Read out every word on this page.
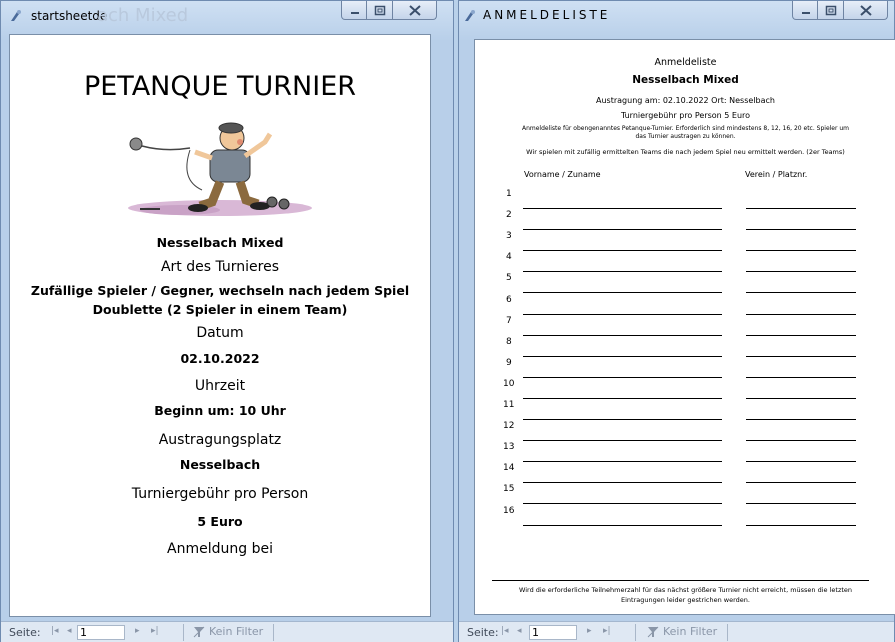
startsheetde
ach Mixed
PETANQUE TURNIER
Nesselbach Mixed
Art des Turnieres
Zufällige Spieler / Gegner, wechseln nach jedem Spiel
Doublette (2 Spieler in einem Team)
Datum
02.10.2022
Uhrzeit
Beginn um: 10 Uhr
Austragungsplatz
Nesselbach
Turniergebühr pro Person
5 Euro
Anmeldung bei
Seite: |◂ ◂ 1	▸ ▸|	Kein Filter
ANMELDELISTE
Anmeldeliste
Nesselbach Mixed
Austragung am: 02.10.2022 Ort: Nesselbach
Turniergebühr pro Person 5 Euro
Anmeldeliste für obengenanntes Petanque-Turnier. Erforderlich sind mindestens 8, 12, 16, 20 etc. Spieler um
das Turnier austragen zu können.
Wir spielen mit zufällig ermittelten Teams die nach jedem Spiel neu ermittelt werden. (2er Teams)
Vorname / Zuname	Verein / Platznr.
1
2
3
4
5
6
7
8
9
10
11
12
13
14
15
16
Wird die erforderliche Teilnehmerzahl für das nächst größere Turnier nicht erreicht, müssen die letzten
Eintragungen leider gestrichen werden.
Seite: |◂ ◂ 1	▸ ▸|	Kein Filter
